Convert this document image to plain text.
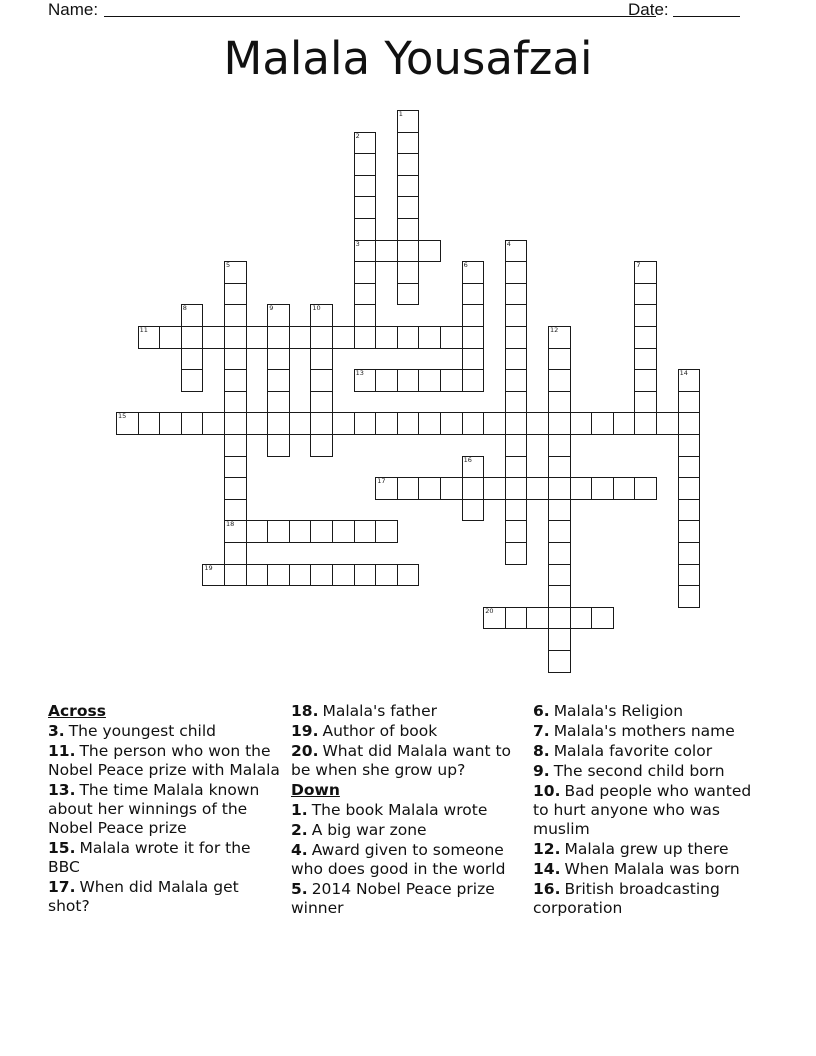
Name:	Date:
Malala Yousafzai
1
2
3	4
5
18
6	7
8	9	10
11	12
13	14
15
16
17
19
20
Across
3. The youngest child
11. The person who won the Nobel Peace prize with Malala
13. The time Malala known about her winnings of the Nobel Peace prize
15. Malala wrote it for the BBC
17. When did Malala get shot?
18. Malala's father
19. Author of book
20. What did Malala want to be when she grow up?
Down
1. The book Malala wrote
2. A big war zone
4. Award given to someone who does good in the world
5. 2014 Nobel Peace prize winner
6. Malala's Religion
7. Malala's mothers name
8. Malala favorite color
9. The second child born
10. Bad people who wanted to hurt anyone who was muslim
12. Malala grew up there
14. When Malala was born
16. British broadcasting corporation
